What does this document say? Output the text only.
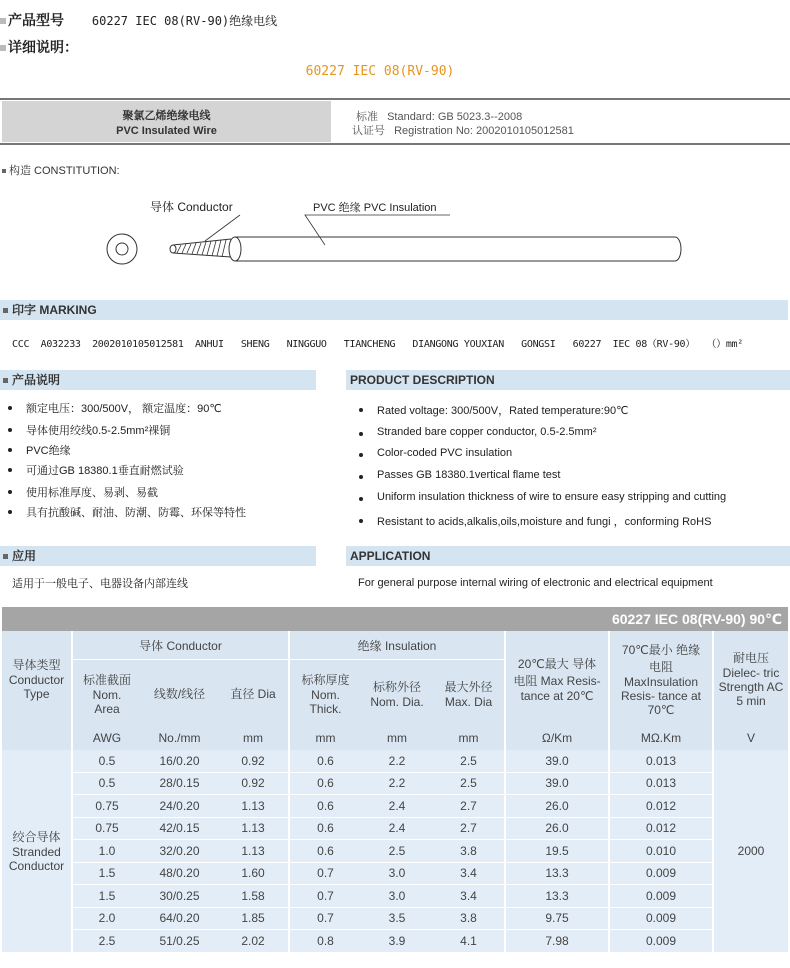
产品型号 60227 IEC 08(RV-90)绝缘电线
详细说明：
60227 IEC 08(RV-90)
聚氯乙烯绝缘电线
PVC Insulated Wire
标准 Standard: GB 5023.3--2008
认证号 Registration No: 2002010105012581
构造 CONSTITUTION:
导体 Conductor	PVC 绝缘 PVC Insulation
印字 MARKING
CCC  A032233  2002010105012581  ANHUI   SHENG   NINGGUO   TIANCHENG   DIANGONG YOUXIAN   GONGSI   60227  IEC 08（RV-90）  （）mm²
产品说明	PRODUCT DESCRIPTION
额定电压：300/500V， 额定温度：90℃
导体使用绞线0.5-2.5mm²裸铜
PVC绝缘
可通过GB 18380.1垂直耐燃试验
使用标准厚度、易剥、易截
具有抗酸碱、耐油、防潮、防霉、环保等特性
Rated voltage: 300/500V，Rated temperature:90℃
Stranded bare copper conductor, 0.5-2.5mm²
Color-coded PVC insulation
Passes GB 18380.1vertical flame test
Uniform insulation thickness of wire to ensure easy stripping and cutting
Resistant to acids,alkalis,oils,moisture and fungi ，conforming RoHS
应用	APPLICATION
适用于一般电子、电器设备内部连线	For general purpose internal wiring of electronic and electrical equipment
60227 IEC 08(RV-90) 90℃									
导体类型 Conductor Type	导体 Conductor			绝缘 Insulation			20℃最大 导体电阻 Max Resis- tance at 20℃	70℃最小 绝缘电阻 MaxInsulation Resis- tance at 70℃	耐电压 Dielec- tric Strength AC 5 min
	标准截面 Nom. Area	线数/线径	直径 Dia	标称厚度 Nom. Thick.	标称外径 Nom. Dia.	最大外径 Max. Dia			
	AWG	No./mm	mm	mm	mm	mm	Ω/Km	MΩ.Km	V
绞合导体 Stranded Conductor	0.5	16/0.20	0.92	0.6	2.2	2.5	39.0	0.013	2000
	0.5	28/0.15	0.92	0.6	2.2	2.5	39.0	0.013	
	0.75	24/0.20	1.13	0.6	2.4	2.7	26.0	0.012	
	0.75	42/0.15	1.13	0.6	2.4	2.7	26.0	0.012	
	1.0	32/0.20	1.13	0.6	2.5	3.8	19.5	0.010	
	1.5	48/0.20	1.60	0.7	3.0	3.4	13.3	0.009	
	1.5	30/0.25	1.58	0.7	3.0	3.4	13.3	0.009	
	2.0	64/0.20	1.85	0.7	3.5	3.8	9.75	0.009	
	2.5	51/0.25	2.02	0.8	3.9	4.1	7.98	0.009	
